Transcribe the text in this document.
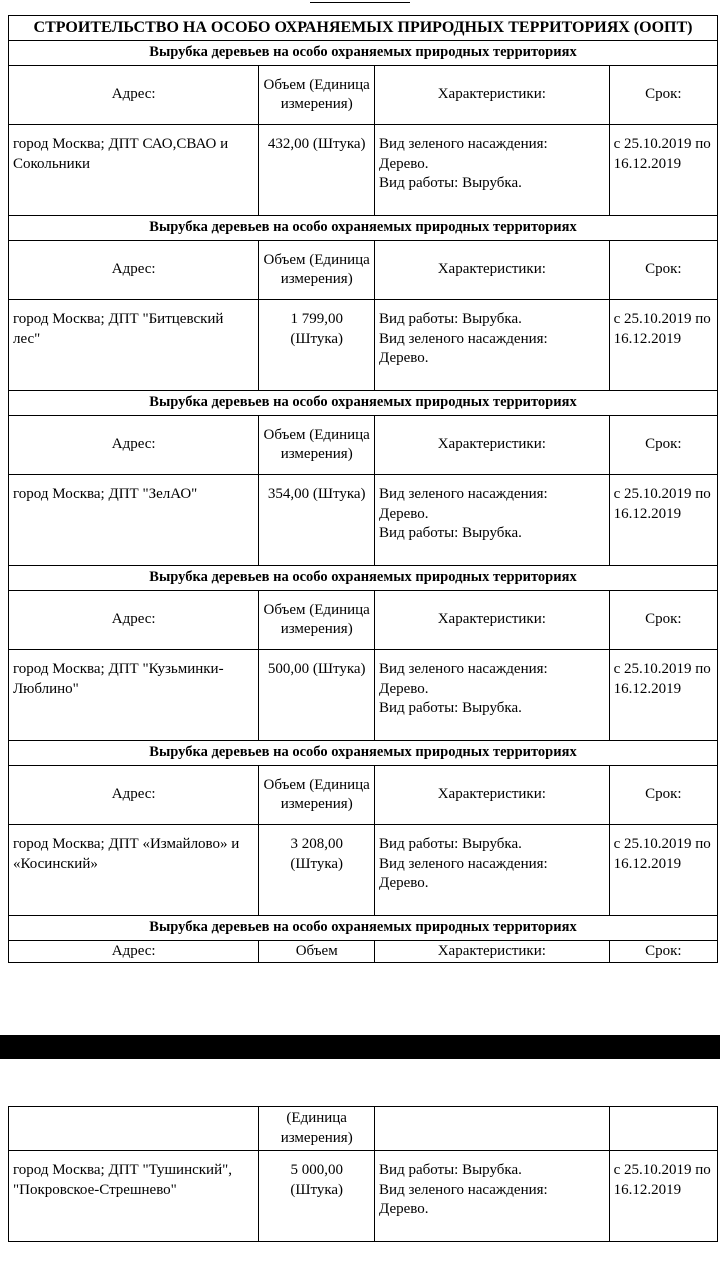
СТРОИТЕЛЬСТВО НА ОСОБО ОХРАНЯЕМЫХ ПРИРОДНЫХ ТЕРРИТОРИЯХ (ООПТ)			
Вырубка деревьев на особо охраняемых природных территориях			
Адрес:	Объем (Единица измерения)	Характеристики:	Срок:
город Москва; ДПТ САО,СВАО и Сокольники	432,00 (Штука)	Вид зеленого насаждения:
Дерево.
Вид работы: Вырубка.	с 25.10.2019 по 16.12.2019
Вырубка деревьев на особо охраняемых природных территориях			
Адрес:	Объем (Единица измерения)	Характеристики:	Срок:
город Москва; ДПТ "Битцевский лес"	1 799,00 (Штука)	Вид работы: Вырубка.
Вид зеленого насаждения:
Дерево.	с 25.10.2019 по 16.12.2019
Вырубка деревьев на особо охраняемых природных территориях			
Адрес:	Объем (Единица измерения)	Характеристики:	Срок:
город Москва; ДПТ "ЗелАО"	354,00 (Штука)	Вид зеленого насаждения:
Дерево.
Вид работы: Вырубка.	с 25.10.2019 по 16.12.2019
Вырубка деревьев на особо охраняемых природных территориях			
Адрес:	Объем (Единица измерения)	Характеристики:	Срок:
город Москва; ДПТ "Кузьминки-Люблино"	500,00 (Штука)	Вид зеленого насаждения:
Дерево.
Вид работы: Вырубка.	с 25.10.2019 по 16.12.2019
Вырубка деревьев на особо охраняемых природных территориях			
Адрес:	Объем (Единица измерения)	Характеристики:	Срок:
город Москва; ДПТ «Измайлово» и «Косинский»	3 208,00 (Штука)	Вид работы: Вырубка.
Вид зеленого насаждения:
Дерево.	с 25.10.2019 по 16.12.2019
Вырубка деревьев на особо охраняемых природных территориях			
Адрес:	Объем	Характеристики:	Срок:
	(Единица измерения)		
город Москва; ДПТ "Тушинский", "Покровское-Стрешнево"	5 000,00 (Штука)	Вид работы: Вырубка.
Вид зеленого насаждения:
Дерево.	с 25.10.2019 по 16.12.2019
